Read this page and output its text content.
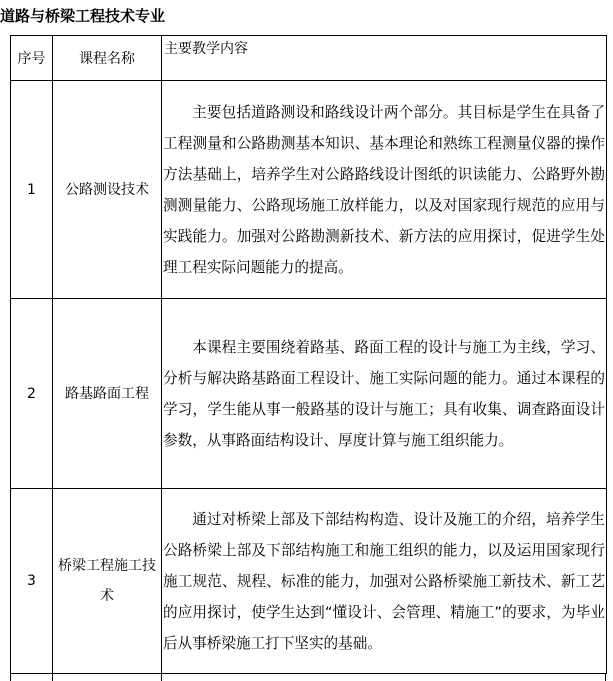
道路与桥梁工程技术专业
序号	课程名称	主要教学内容
1	公路测设技术	主要包括道路测设和路线设计两个部分。其目标是学生在具备了工程测量和公路勘测基本知识、基本理论和熟练工程测量仪器的操作方法基础上，培养学生对公路路线设计图纸的识读能力、公路野外勘测测量能力、公路现场施工放样能力，以及对国家现行规范的应用与实践能力。加强对公路勘测新技术、新方法的应用探讨，促进学生处理工程实际问题能力的提高。

2	路基路面工程	本课程主要围绕着路基、路面工程的设计与施工为主线，学习、分析与解决路基路面工程设计、施工实际问题的能力。通过本课程的学习，学生能从事一般路基的设计与施工；具有收集、调查路面设计参数，从事路面结构设计、厚度计算与施工组织能力。

3	桥梁工程施工技术	通过对桥梁上部及下部结构构造、设计及施工的介绍，培养学生公路桥梁上部及下部结构施工和施工组织的能力，以及运用国家现行施工规范、规程、标准的能力，加强对公路桥梁施工新技术、新工艺的应用探讨，使学生达到“懂设计、会管理、精施工”的要求，为毕业后从事桥梁施工打下坚实的基础。
